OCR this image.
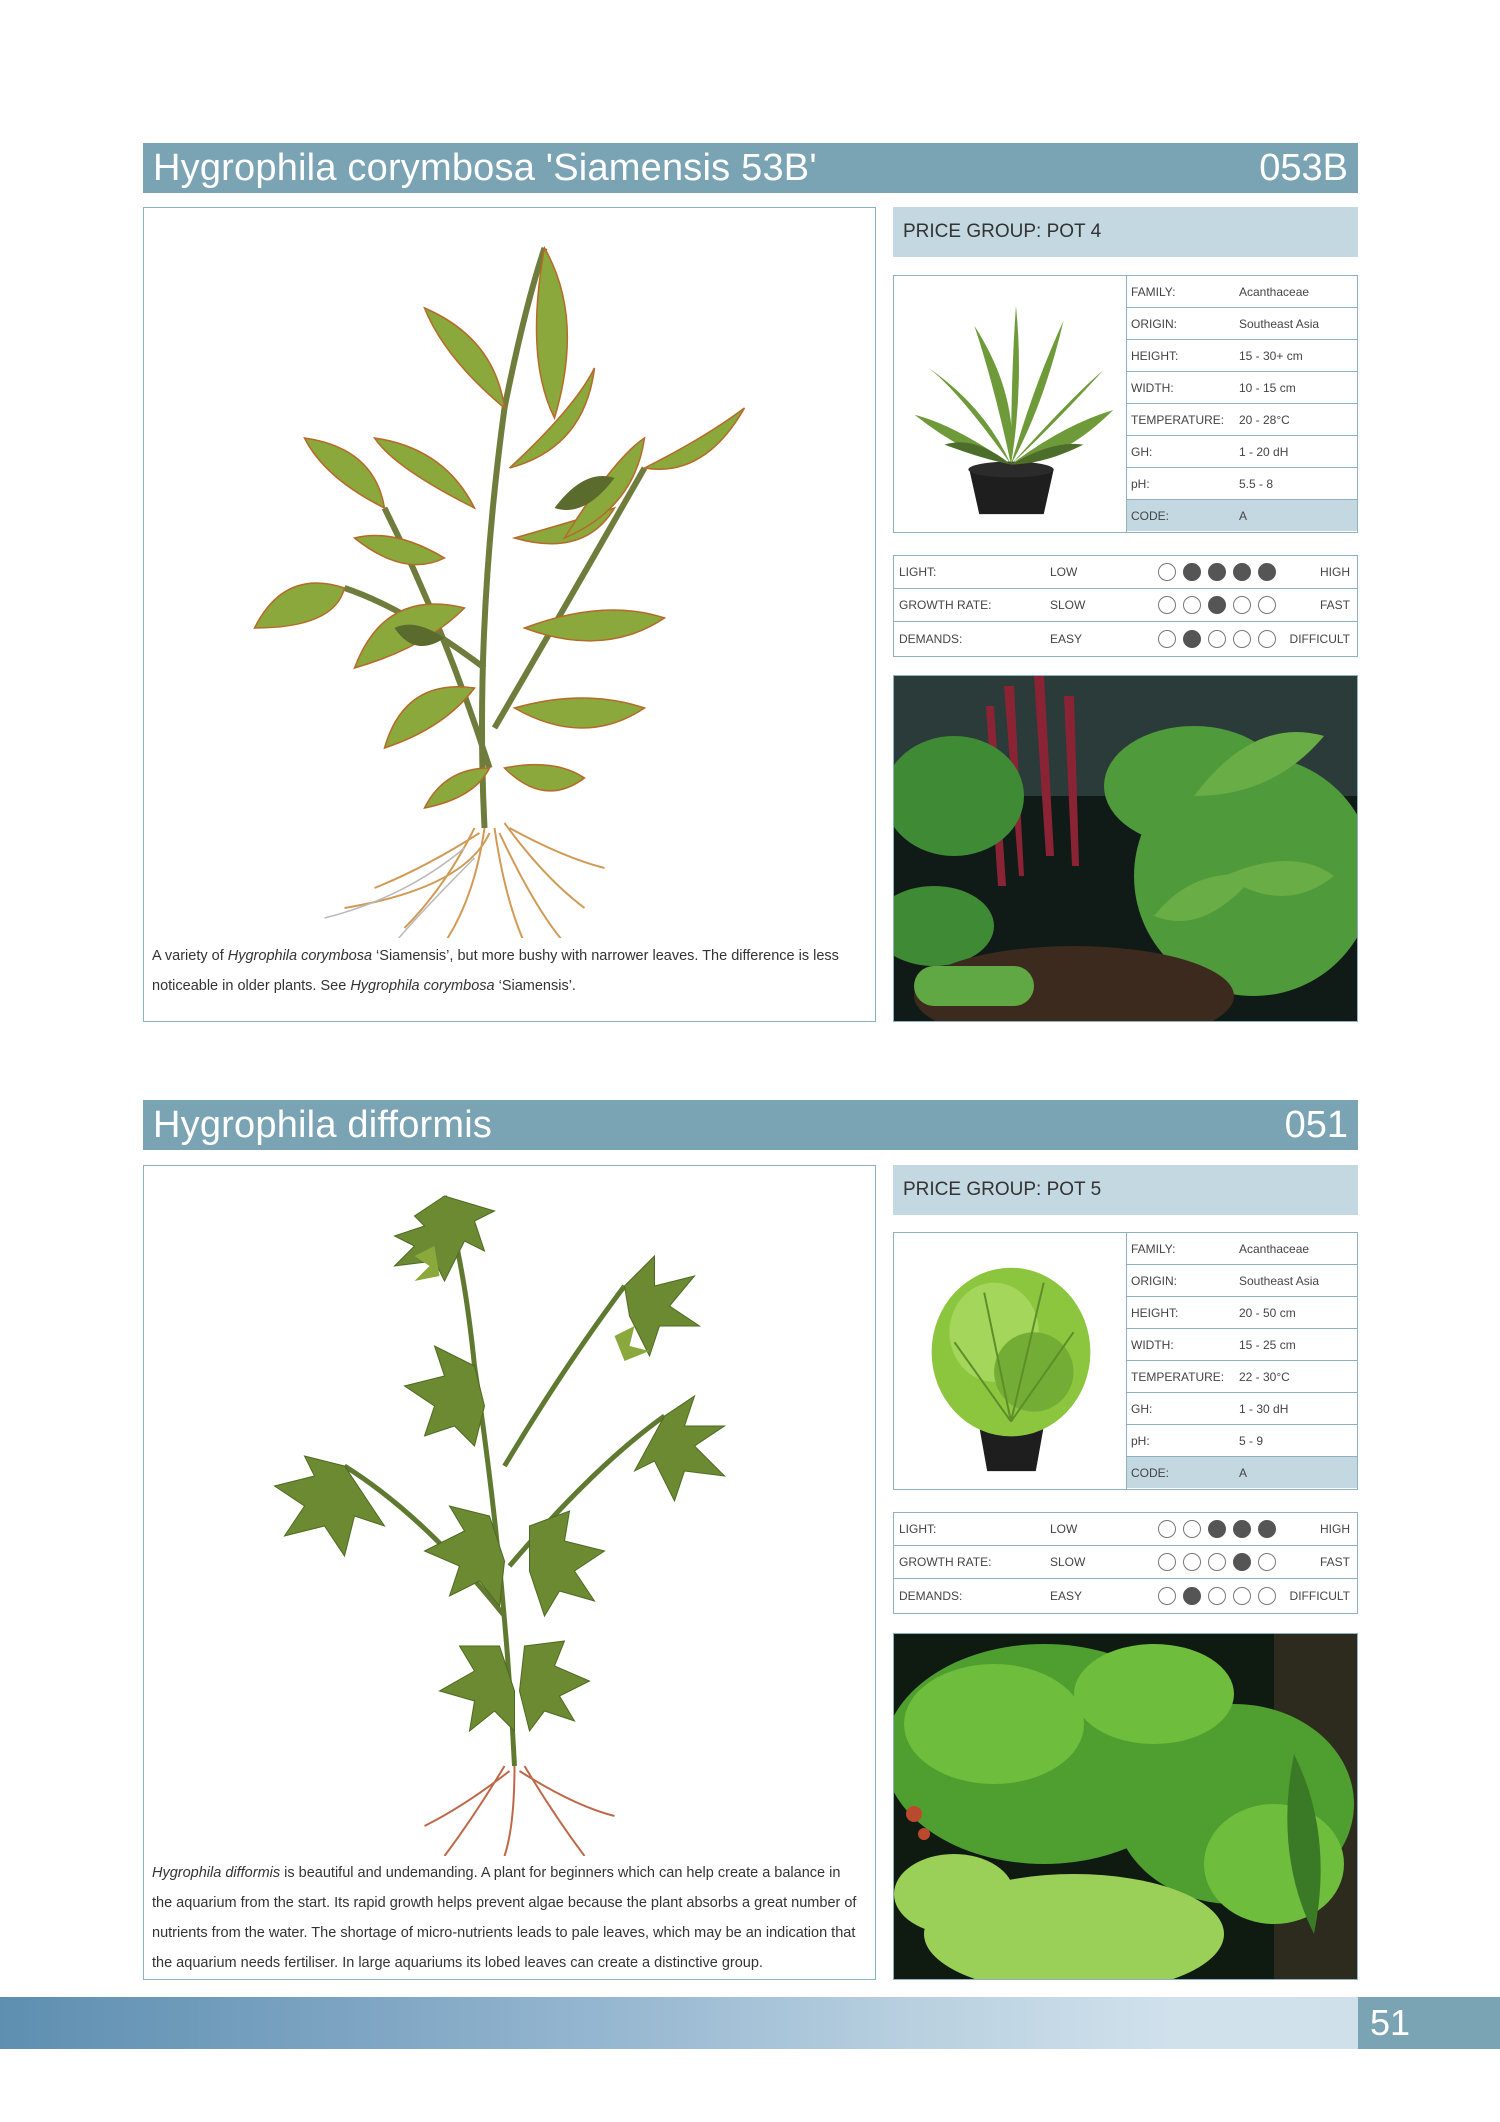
Hygrophila corymbosa 'Siamensis 53B'	053B

A variety of Hygrophila corymbosa ‘Siamensis’, but more bushy with narrower leaves. The difference is less noticeable in older plants. See Hygrophila corymbosa ‘Siamensis’.

PRICE GROUP: POT 4
FAMILY:	Acanthaceae
ORIGIN:	Southeast Asia
HEIGHT:	15 - 30+ cm
WIDTH:	10 - 15 cm
TEMPERATURE:	20 - 28°C
GH:	1 - 20 dH
pH:	5.5 - 8
CODE:	A
LIGHT:	LOW	HIGH
GROWTH RATE:	SLOW	FAST
DEMANDS:	EASY	DIFFICULT
Hygrophila difformis	051

Hygrophila difformis is beautiful and undemanding. A plant for beginners which can help create a balance in the aquarium from the start. Its rapid growth helps prevent algae because the plant absorbs a great number of nutrients from the water. The shortage of micro-nutrients leads to pale leaves, which may be an indication that the aquarium needs fertiliser. In large aquariums its lobed leaves can create a distinctive group.

PRICE GROUP: POT 5
FAMILY:	Acanthaceae
ORIGIN:	Southeast Asia
HEIGHT:	20 - 50 cm
WIDTH:	15 - 25 cm
TEMPERATURE:	22 - 30°C
GH:	1 - 30 dH
pH:	5 - 9
CODE:	A
LIGHT:	LOW	HIGH
GROWTH RATE:	SLOW	FAST
DEMANDS:	EASY	DIFFICULT
51
